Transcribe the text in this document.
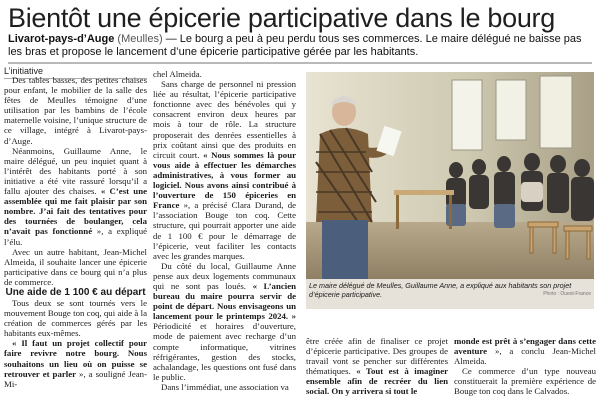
Bientôt une épicerie participative dans le bourg
Livarot-pays-d’Auge (Meulles) — Le bourg a peu à peu perdu tous ses commerces. Le maire délégué ne baisse pas les bras et propose le lancement d’une épicerie participative gérée par les habitants.
L’initiative

Des tables basses, des petites chaises pour enfant, le mobilier de la salle des fêtes de Meulles témoigne d’une utilisation par les bambins de l’école maternelle voisine, l’unique structure de ce village, intégré à Livarot-pays-d’Auge.

Néanmoins, Guillaume Anne, le maire délégué, un peu inquiet quant à l’intérêt des habitants porté à son initiative a été vite rassuré lorsqu’il a fallu ajouter des chaises. « C’est une assemblée qui me fait plaisir par son nombre. J’ai fait des tentatives pour des tournées de boulanger, cela n’avait pas fonctionné », a expliqué l’élu.

Avec un autre habitant, Jean-Michel Almeida, il souhaite lancer une épicerie participative dans ce bourg qui n’a plus de commerce.

Une aide de 1 100 € au départ

Tous deux se sont tournés vers le mouvement Bouge ton coq, qui aide à la création de commerces gérés par les habitants eux-mêmes.

« Il faut un projet collectif pour faire revivre notre bourg. Nous souhaitons un lieu où on puisse se retrouver et parler », a souligné Jean-Mi-

chel Almeida.

Sans charge de personnel ni pression liée au résultat, l’épicerie participative fonctionne avec des bénévoles qui y consacrent environ deux heures par mois à tour de rôle. La structure proposerait des denrées essentielles à prix coûtant ainsi que des produits en circuit court. « Nous sommes là pour vous aide à effectuer les démarches administratives, à vous former au logiciel. Nous avons ainsi contribué à l’ouverture de 150 épiceries en France », a précisé Clara Durand, de l’association Bouge ton coq. Cette structure, qui pourrait apporter une aide de 1 100 € pour le démarrage de l’épicerie, veut faciliter les contacts avec les grandes marques.

Du côté du local, Guillaume Anne pense aux deux logements communaux qui ne sont pas loués. « L’ancien bureau du maire pourra servir de point de départ. Nous envisageons un lancement pour le printemps 2024. » Périodicité et horaires d’ouverture, mode de paiement avec recharge d’un compte informatique, vitrines réfrigérantes, gestion des stocks, achalandage, les questions ont fusé dans le public.

Dans l’immédiat, une association va

Le maire délégué de Meulles, Guillaume Anne, a expliqué aux habitants son projet d’épicerie participative.	Photo : Ouest-France

être créée afin de finaliser ce projet d’épicerie participative. Des groupes de travail vont se pencher sur différentes thématiques. « Tout est à imaginer ensemble afin de recréer du lien social. On y arrivera si tout le

monde est prêt à s’engager dans cette aventure », a conclu Jean-Michel Almeida.

Ce commerce d’un type nouveau constituerait la première expérience de Bouge ton coq dans le Calvados.
